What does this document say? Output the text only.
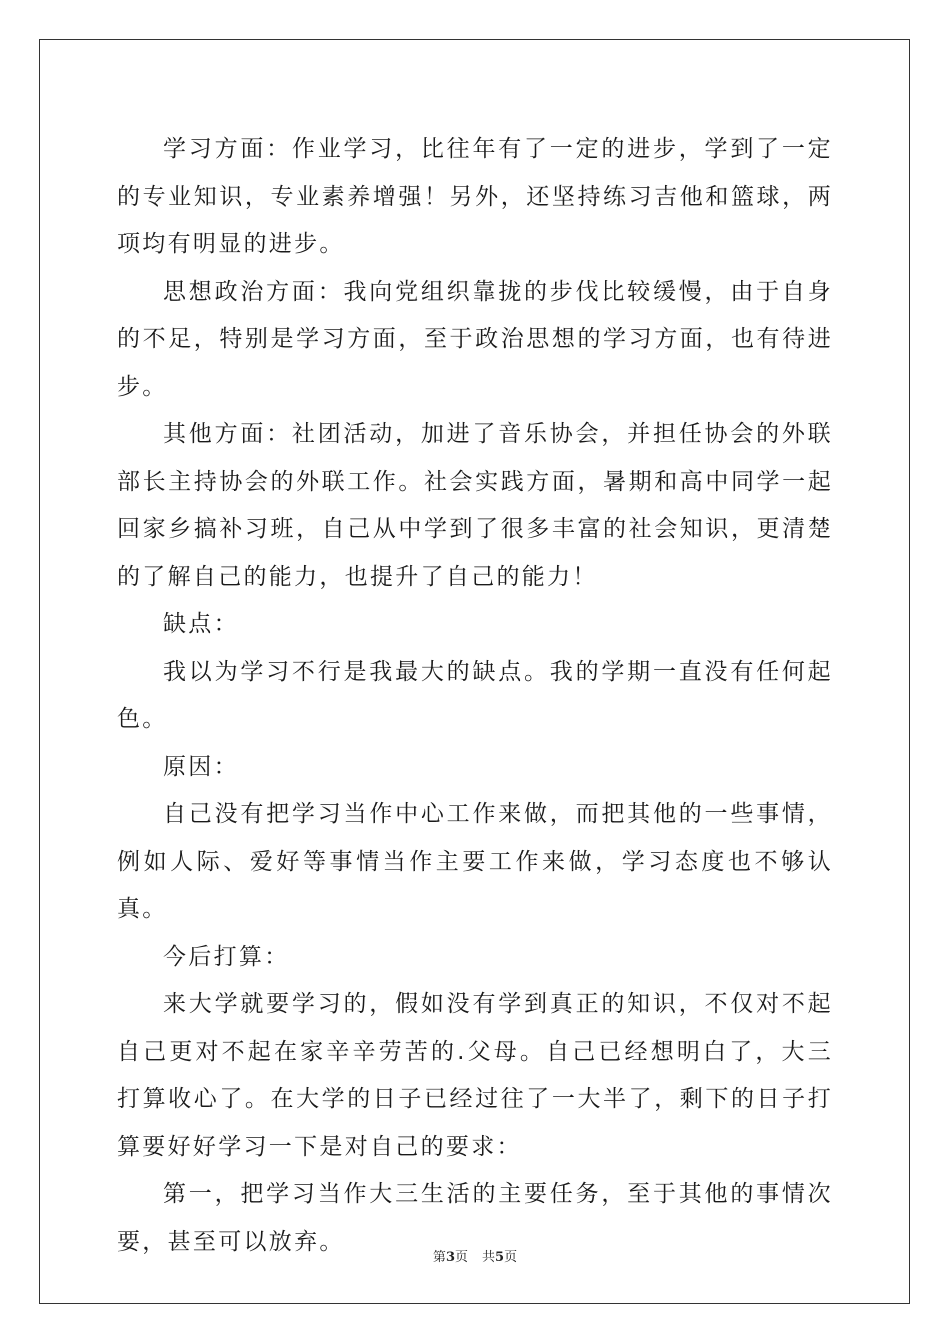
学习方面：作业学习，比往年有了一定的进步，学到了一定的专业知识，专业素养增强！另外，还坚持练习吉他和篮球，两项均有明显的进步。

思想政治方面：我向党组织靠拢的步伐比较缓慢，由于自身的不足，特别是学习方面，至于政治思想的学习方面，也有待进步。

其他方面：社团活动，加进了音乐协会，并担任协会的外联部长主持协会的外联工作。社会实践方面，暑期和高中同学一起回家乡搞补习班，自己从中学到了很多丰富的社会知识，更清楚的了解自己的能力，也提升了自己的能力！

缺点：

我以为学习不行是我最大的缺点。我的学期一直没有任何起色。

原因：

自己没有把学习当作中心工作来做，而把其他的一些事情，例如人际、爱好等事情当作主要工作来做，学习态度也不够认真。

今后打算：

来大学就要学习的，假如没有学到真正的知识，不仅对不起自己更对不起在家辛辛劳苦的.父母。自己已经想明白了，大三打算收心了。在大学的日子已经过往了一大半了，剩下的日子打算要好好学习一下是对自己的要求：

第一，把学习当作大三生活的主要任务，至于其他的事情次要，甚至可以放弃。

第3页 共5页
